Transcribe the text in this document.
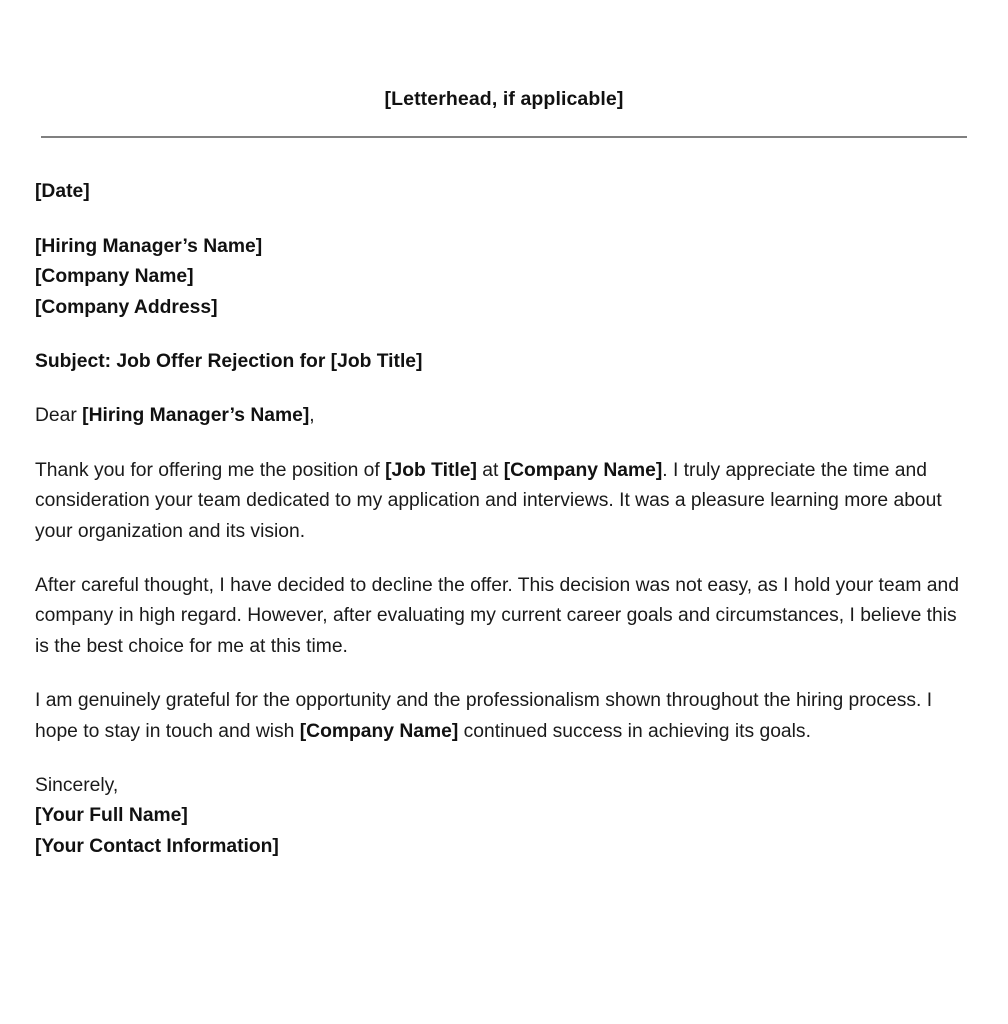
[Letterhead, if applicable]
[Date]
[Hiring Manager’s Name]
[Company Name]
[Company Address]
Subject: Job Offer Rejection for [Job Title]
Dear [Hiring Manager’s Name],
Thank you for offering me the position of [Job Title] at [Company Name]. I truly appreciate the time and consideration your team dedicated to my application and interviews. It was a pleasure learning more about your organization and its vision.
After careful thought, I have decided to decline the offer. This decision was not easy, as I hold your team and company in high regard. However, after evaluating my current career goals and circumstances, I believe this is the best choice for me at this time.
I am genuinely grateful for the opportunity and the professionalism shown throughout the hiring process. I hope to stay in touch and wish [Company Name] continued success in achieving its goals.
Sincerely,
[Your Full Name]
[Your Contact Information]
